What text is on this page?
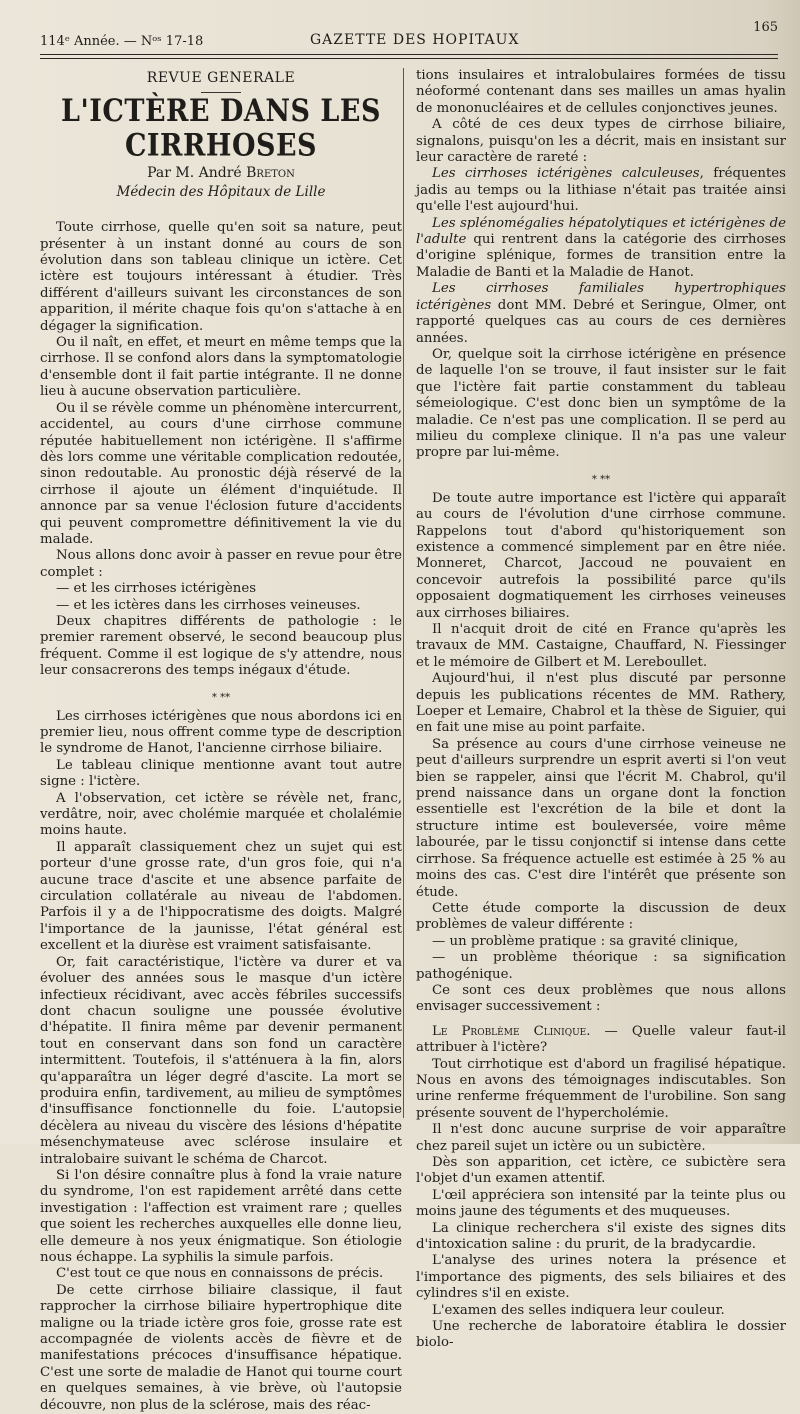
114ᵉ Année. — Nᵒˢ 17-18	GAZETTE DES HOPITAUX
165
REVUE GENERALE
L'ICTÈRE DANS LES CIRRHOSES
Par M. André Breton
Médecin des Hôpitaux de Lille

Toute cirrhose, quelle qu'en soit sa nature, peut présenter à un instant donné au cours de son évolution dans son tableau clinique un ictère. Cet ictère est toujours intéressant à étudier. Très différent d'ailleurs suivant les circonstances de son apparition, il mérite chaque fois qu'on s'attache à en dégager la signification.

Ou il naît, en effet, et meurt en même temps que la cirrhose. Il se confond alors dans la symptomatologie d'ensemble dont il fait partie intégrante. Il ne donne lieu à aucune observation particulière.

Ou il se révèle comme un phénomène intercurrent, accidentel, au cours d'une cirrhose commune réputée habituellement non ictérigène. Il s'affirme dès lors comme une véritable complication redoutée, sinon redoutable. Au pronostic déjà réservé de la cirrhose il ajoute un élément d'inquiétude. Il annonce par sa venue l'éclosion future d'accidents qui peuvent compromettre définitivement la vie du malade.

Nous allons donc avoir à passer en revue pour être complet :

— et les cirrhoses ictérigènes

— et les ictères dans les cirrhoses veineuses.

Deux chapitres différents de pathologie : le premier rarement observé, le second beaucoup plus fréquent. Comme il est logique de s'y attendre, nous leur consacrerons des temps inégaux d'étude.

⁎ ⁎⁎

Les cirrhoses ictérigènes que nous abordons ici en premier lieu, nous offrent comme type de description le syndrome de Hanot, l'ancienne cirrhose biliaire.

Le tableau clinique mentionne avant tout autre signe : l'ictère.

A l'observation, cet ictère se révèle net, franc, verdâtre, noir, avec cholémie marquée et cholalémie moins haute.

Il apparaît classiquement chez un sujet qui est porteur d'une grosse rate, d'un gros foie, qui n'a aucune trace d'ascite et une absence parfaite de circulation collatérale au niveau de l'abdomen. Parfois il y a de l'hippocratisme des doigts. Malgré l'importance de la jaunisse, l'état général est excellent et la diurèse est vraiment satisfaisante.

Or, fait caractéristique, l'ictère va durer et va évoluer des années sous le masque d'un ictère infectieux récidivant, avec accès fébriles successifs dont chacun souligne une poussée évolutive d'hépatite. Il finira même par devenir permanent tout en conservant dans son fond un caractère intermittent. Toutefois, il s'atténuera à la fin, alors qu'apparaîtra un léger degré d'ascite. La mort se produira enfin, tardivement, au milieu de symptômes d'insuffisance fonctionnelle du foie. L'autopsie décèlera au niveau du viscère des lésions d'hépatite mésenchymateuse avec sclérose insulaire et intralobaire suivant le schéma de Charcot.

Si l'on désire connaître plus à fond la vraie nature du syndrome, l'on est rapidement arrêté dans cette investigation : l'affection est vraiment rare ; quelles que soient les recherches auxquelles elle donne lieu, elle demeure à nos yeux énigmatique. Son étiologie nous échappe. La syphilis la simule parfois.

C'est tout ce que nous en connaissons de précis.

De cette cirrhose biliaire classique, il faut rapprocher la cirrhose biliaire hypertrophique dite maligne ou la triade ictère gros foie, grosse rate est accompagnée de violents accès de fièvre et de manifestations précoces d'insuffisance hépatique. C'est une sorte de maladie de Hanot qui tourne court en quelques semaines, à vie brève, où l'autopsie découvre, non plus de la sclérose, mais des réac-

tions insulaires et intralobulaires formées de tissu néoformé contenant dans ses mailles un amas hyalin de mononucléaires et de cellules conjonctives jeunes.

A côté de ces deux types de cirrhose biliaire, signalons, puisqu'on les a décrit, mais en insistant sur leur caractère de rareté :

Les cirrhoses ictérigènes calculeuses, fréquentes jadis au temps ou la lithiase n'était pas traitée ainsi qu'elle l'est aujourd'hui.

Les splénomégalies hépatolytiques et ictérigènes de l'adulte qui rentrent dans la catégorie des cirrhoses d'origine splénique, formes de transition entre la Maladie de Banti et la Maladie de Hanot.

Les cirrhoses familiales hypertrophiques ictérigènes dont MM. Debré et Seringue, Olmer, ont rapporté quelques cas au cours de ces dernières années.

Or, quelque soit la cirrhose ictérigène en présence de laquelle l'on se trouve, il faut insister sur le fait que l'ictère fait partie constamment du tableau sémeiologique. C'est donc bien un symptôme de la maladie. Ce n'est pas une complication. Il se perd au milieu du complexe clinique. Il n'a pas une valeur propre par lui-même.

⁎ ⁎⁎

De toute autre importance est l'ictère qui apparaît au cours de l'évolution d'une cirrhose commune. Rappelons tout d'abord qu'historiquement son existence a commencé simplement par en être niée. Monneret, Charcot, Jaccoud ne pouvaient en concevoir autrefois la possibilité parce qu'ils opposaient dogmatiquement les cirrhoses veineuses aux cirrhoses biliaires.

Il n'acquit droit de cité en France qu'après les travaux de MM. Castaigne, Chauffard, N. Fiessinger et le mémoire de Gilbert et M. Lereboullet.

Aujourd'hui, il n'est plus discuté par personne depuis les publications récentes de MM. Rathery, Loeper et Lemaire, Chabrol et la thèse de Siguier, qui en fait une mise au point parfaite.

Sa présence au cours d'une cirrhose veineuse ne peut d'ailleurs surprendre un esprit averti si l'on veut bien se rappeler, ainsi que l'écrit M. Chabrol, qu'il prend naissance dans un organe dont la fonction essentielle est l'excrétion de la bile et dont la structure intime est bouleversée, voire même labourée, par le tissu conjonctif si intense dans cette cirrhose. Sa fréquence actuelle est estimée à 25 % au moins des cas. C'est dire l'intérêt que présente son étude.

Cette étude comporte la discussion de deux problèmes de valeur différente :

— un problème pratique : sa gravité clinique,

— un problème théorique : sa signification pathogénique.

Ce sont ces deux problèmes que nous allons envisager successivement :

Le Problème Clinique. — Quelle valeur faut-il attribuer à l'ictère?

Tout cirrhotique est d'abord un fragilisé hépatique. Nous en avons des témoignages indiscutables. Son urine renferme fréquemment de l'urobiline. Son sang présente souvent de l'hypercholémie.

Il n'est donc aucune surprise de voir apparaître chez pareil sujet un ictère ou un subictère.

Dès son apparition, cet ictère, ce subictère sera l'objet d'un examen attentif.

L'œil appréciera son intensité par la teinte plus ou moins jaune des téguments et des muqueuses.

La clinique recherchera s'il existe des signes dits d'intoxication saline : du prurit, de la bradycardie.

L'analyse des urines notera la présence et l'importance des pigments, des sels biliaires et des cylindres s'il en existe.

L'examen des selles indiquera leur couleur.

Une recherche de laboratoire établira le dossier biolo-
